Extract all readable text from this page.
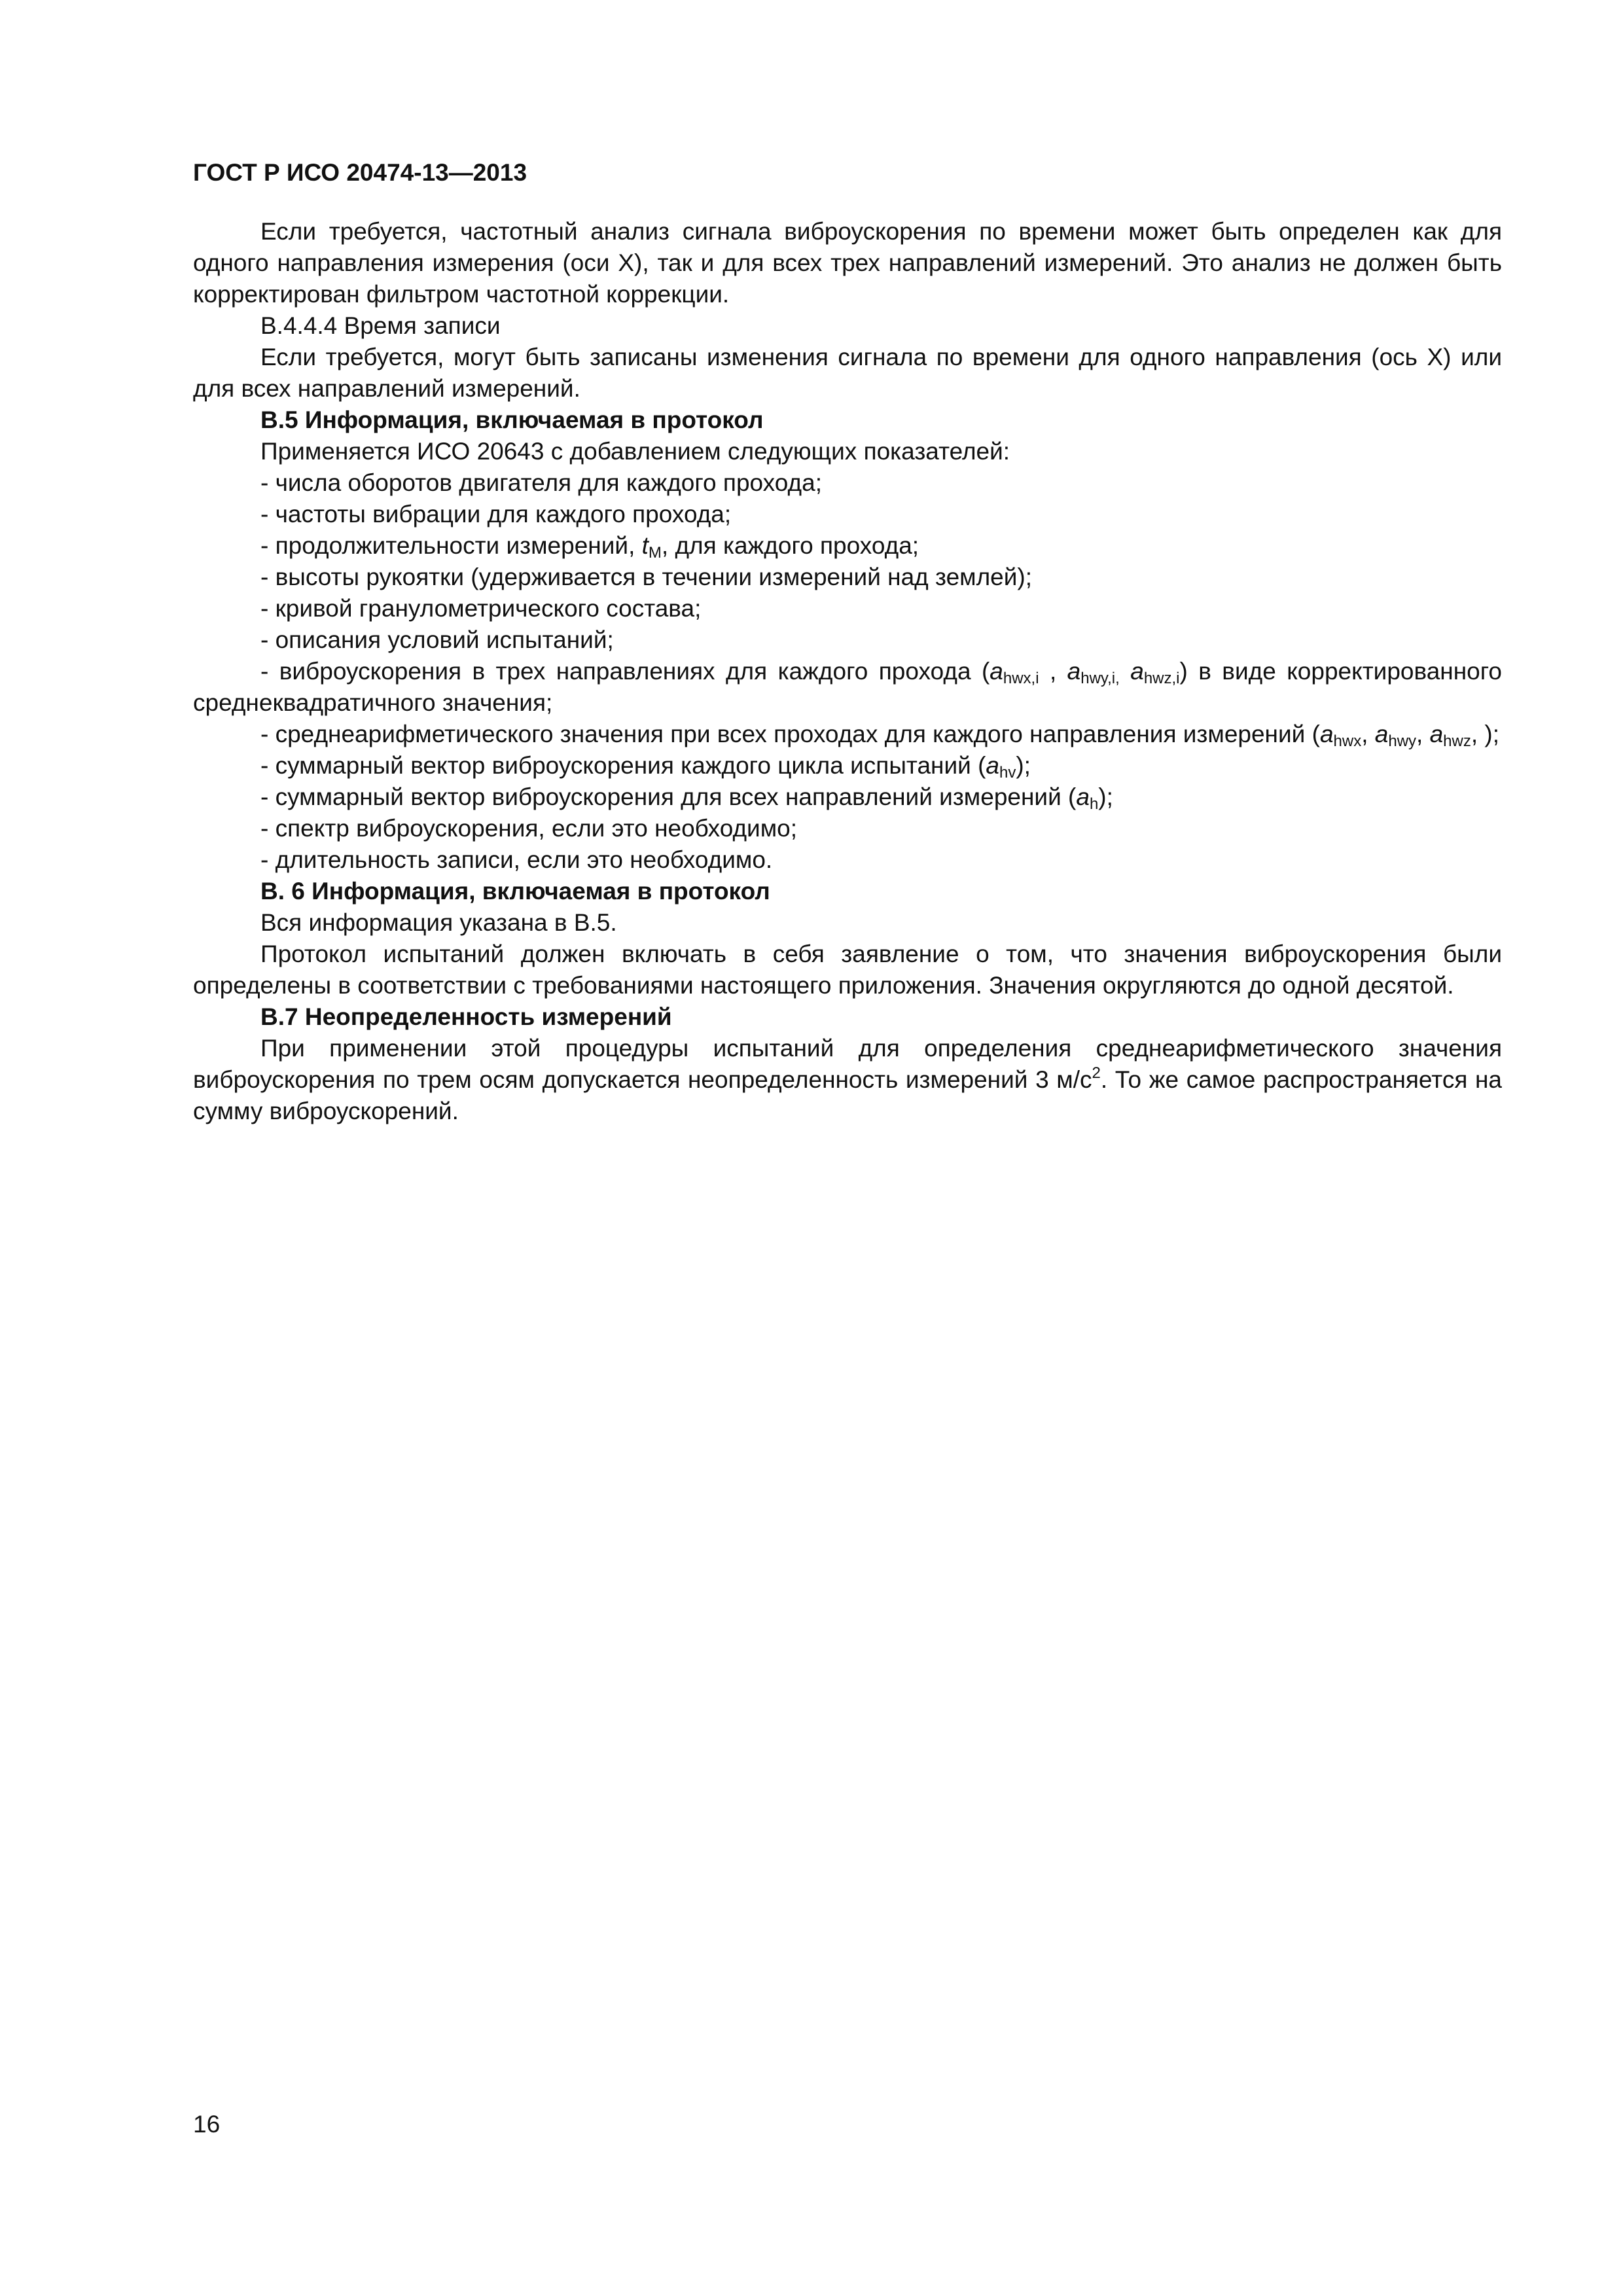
ГОСТ Р ИСО 20474-13—2013

Если требуется, частотный анализ сигнала виброускорения по времени может быть определен как для одного направления измерения (оси X), так и для всех трех направлений измерений. Это анализ не должен быть корректирован фильтром частотной коррекции.

В.4.4.4 Время записи

Если требуется, могут быть записаны изменения сигнала по времени для одного направления (ось X) или для всех направлений измерений.

В.5 Информация, включаемая в протокол

Применяется ИСО 20643 с добавлением следующих показателей:

- числа оборотов двигателя для каждого прохода;

- частоты вибрации для каждого прохода;

- продолжительности измерений, $t_M$, для каждого прохода;

- высоты рукоятки (удерживается в течении измерений над землей);

- кривой гранулометрического состава;

- описания условий испытаний;

- виброускорения в трех направлениях для каждого прохода ($a_{hwx,i}$ , $a_{hwy,i,}$ $a_{hwz,i}$) в виде корректированного среднеквадратичного значения;

- среднеарифметического значения при всех проходах для каждого направления измерений ($a_{hwx}$, $a_{hwy}$, $a_{hwz}$, );

- суммарный вектор виброускорения каждого цикла испытаний $(a_{hv})$;

- суммарный вектор виброускорения для всех направлений измерений $(a_h)$;

- спектр виброускорения, если это необходимо;

- длительность записи, если это необходимо.

В. 6 Информация, включаемая в протокол

Вся информация указана в В.5.

Протокол испытаний должен включать в себя заявление о том, что значения виброускорения были определены в соответствии с требованиями настоящего приложения. Значения округляются до одной десятой.

В.7 Неопределенность измерений

При применении этой процедуры испытаний для определения среднеарифметического значения виброускорения по трем осям допускается неопределенность измерений 3 $м/с^2$. То же самое распространяется на сумму виброускорений.

16
